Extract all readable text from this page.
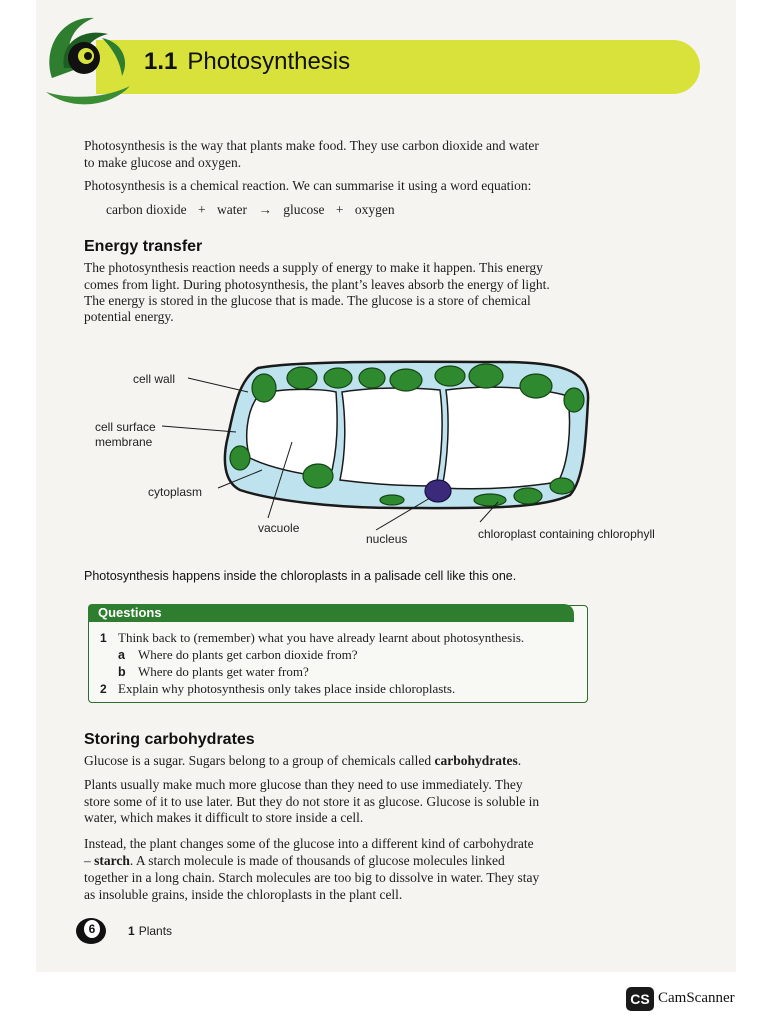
1.1 Photosynthesis
Photosynthesis is the way that plants make food. They use carbon dioxide and water
to make glucose and oxygen.
Photosynthesis is a chemical reaction. We can summarise it using a word equation:
carbon dioxide + water → glucose + oxygen
Energy transfer
The photosynthesis reaction needs a supply of energy to make it happen. This energy
comes from light. During photosynthesis, the plant’s leaves absorb the energy of light.
The energy is stored in the glucose that is made. The glucose is a store of chemical
potential energy.
cell wall
cell surface
membrane
cytoplasm
vacuole
nucleus	chloroplast containing chlorophyll
Photosynthesis happens inside the chloroplasts in a palisade cell like this one.
Questions
1 Think back to (remember) what you have already learnt about photosynthesis.
a Where do plants get carbon dioxide from?
b Where do plants get water from?
2 Explain why photosynthesis only takes place inside chloroplasts.
Storing carbohydrates
Glucose is a sugar. Sugars belong to a group of chemicals called carbohydrates.
Plants usually make much more glucose than they need to use immediately. They
store some of it to use later. But they do not store it as glucose. Glucose is soluble in
water, which makes it difficult to store inside a cell.
Instead, the plant changes some of the glucose into a different kind of carbohydrate
– starch. A starch molecule is made of thousands of glucose molecules linked
together in a long chain. Starch molecules are too big to dissolve in water. They stay
as insoluble grains, inside the chloroplasts in the plant cell.
6	1 Plants
CS CamScanner
